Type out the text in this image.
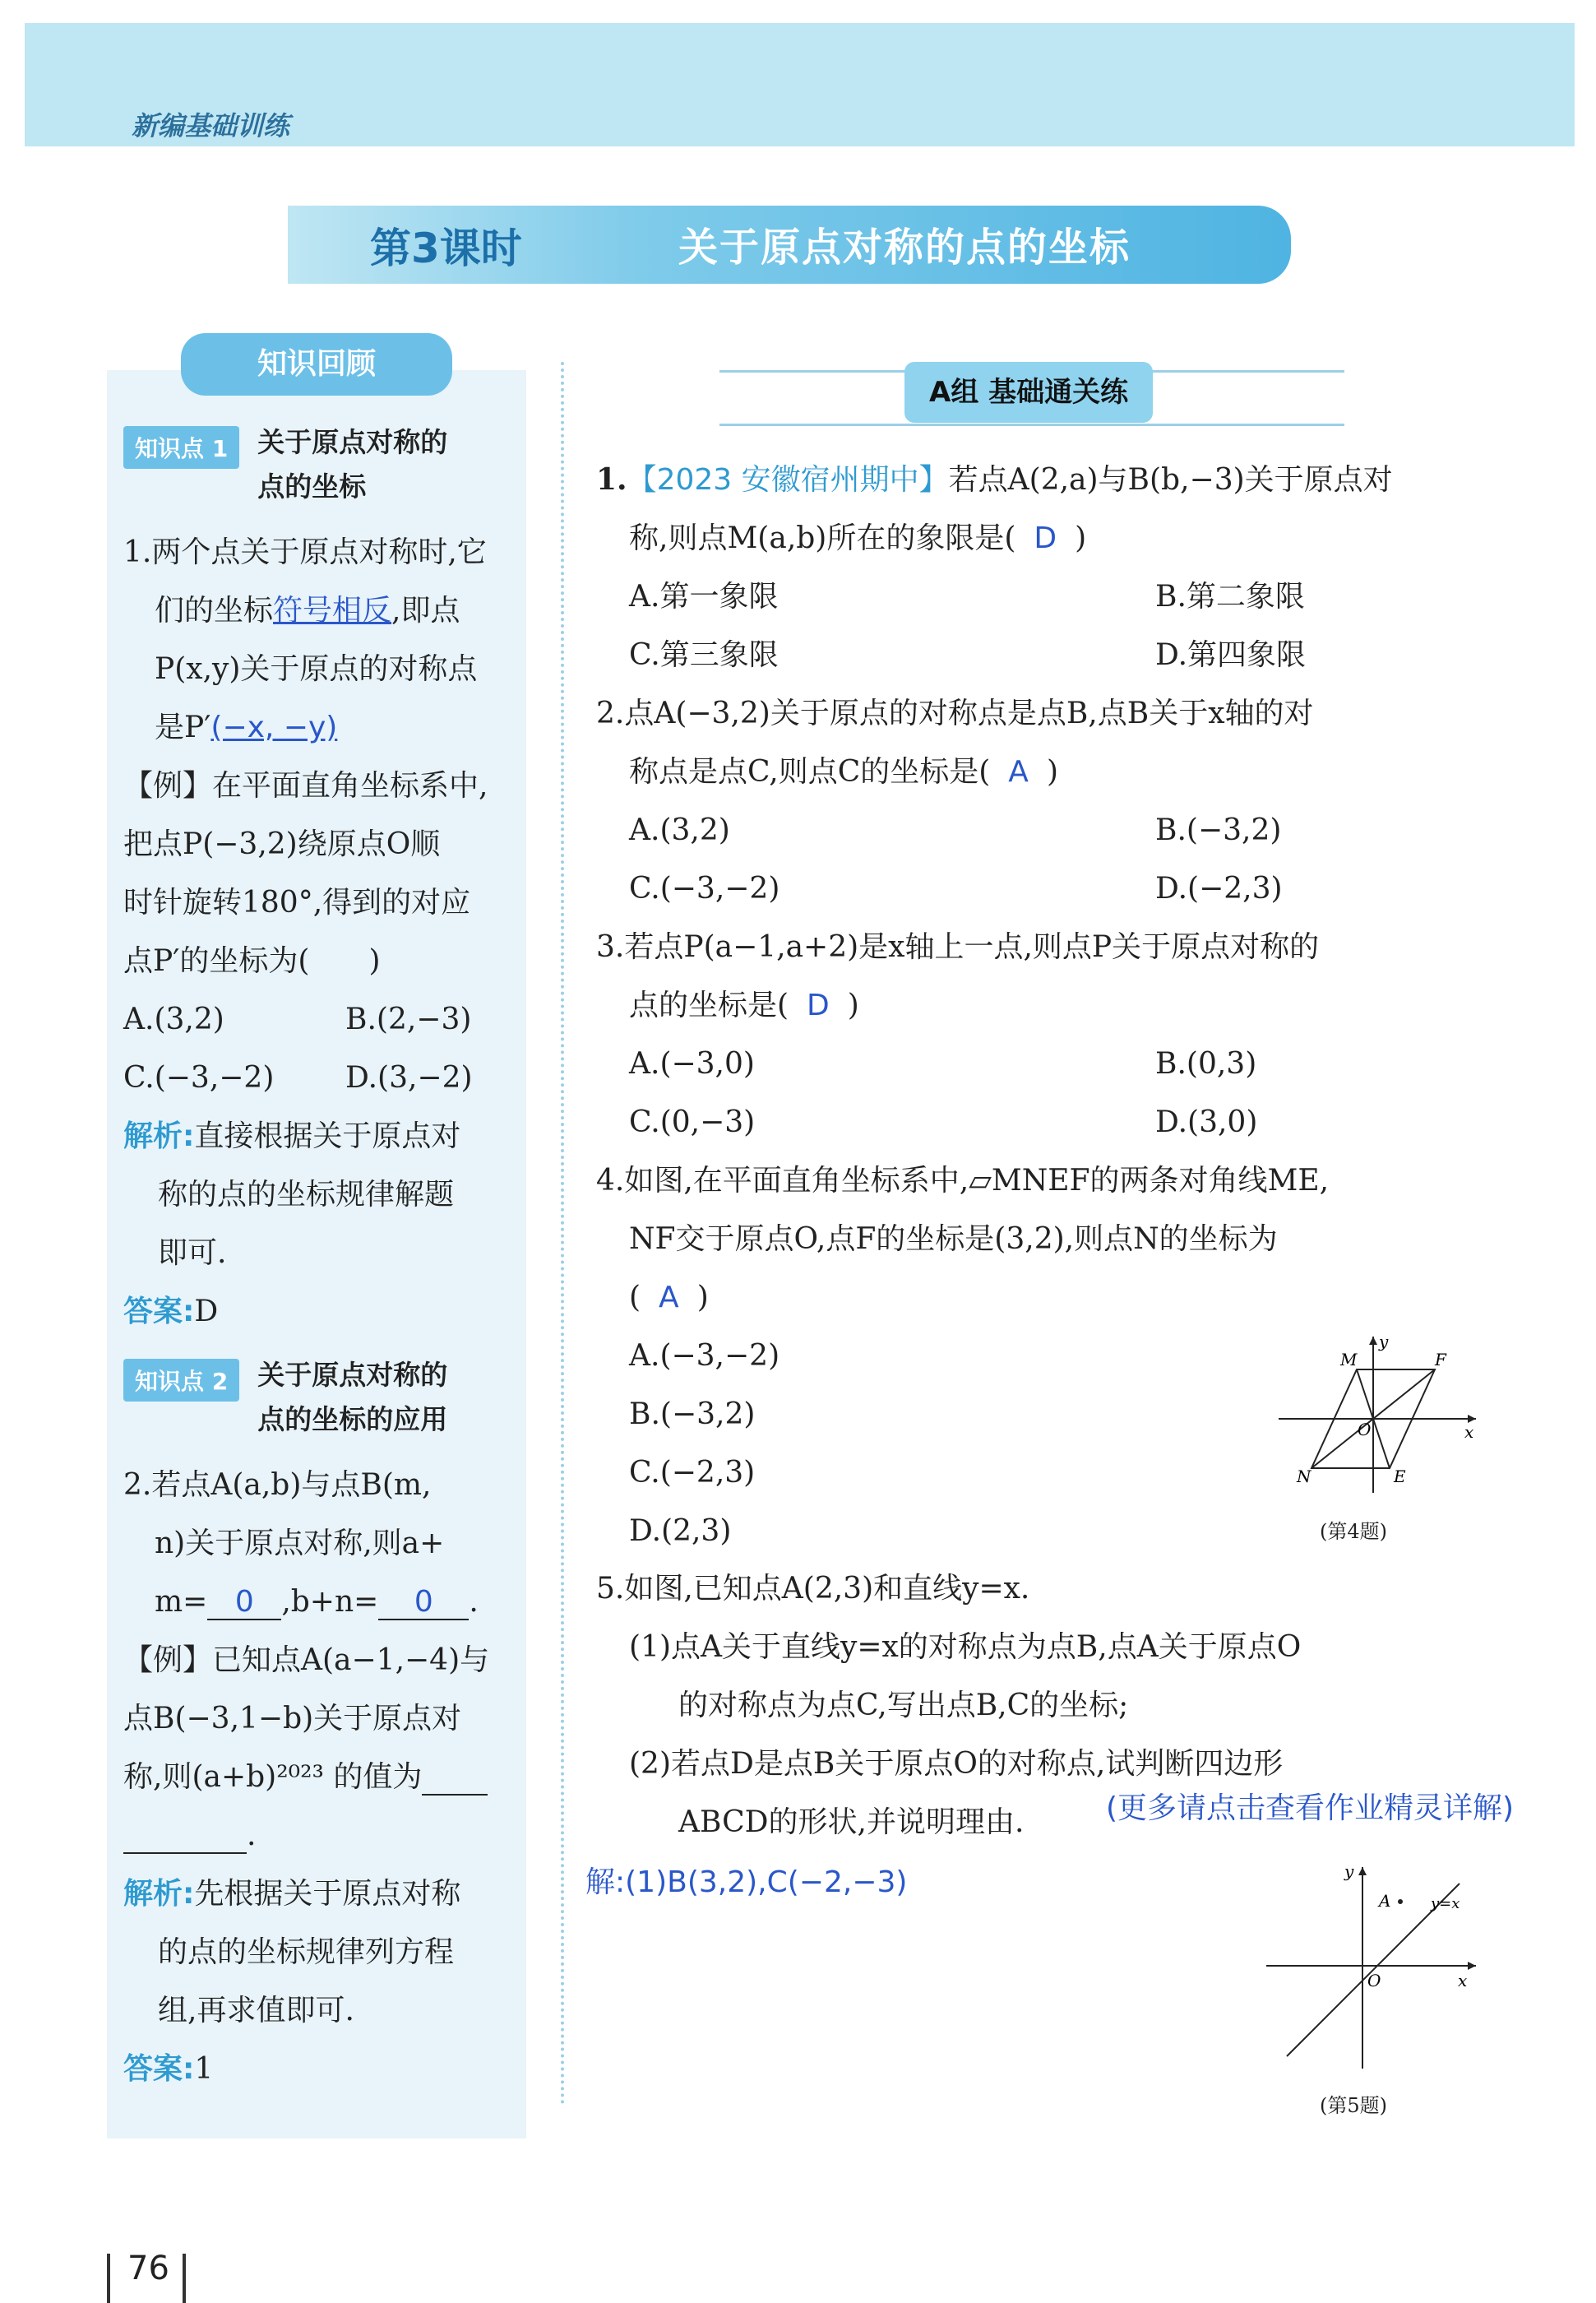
新编基础训练
第3课时	关于原点对称的点的坐标
知识回顾
知识点 1	关于原点对称的
点的坐标
1.两个点关于原点对称时,它
们的坐标符号相反,即点
P(x,y)关于原点的对称点
是P′(−x, −y)
【例】在平面直角坐标系中,
把点P(−3,2)绕原点O顺
时针旋转180°,得到的对应
点P′的坐标为(　　)
A.(3,2)	B.(2,−3)
C.(−3,−2)	D.(3,−2)
解析:直接根据关于原点对
称的点的坐标规律解题
即可.
答案:D
知识点 2	关于原点对称的
点的坐标的应用
2.若点A(a,b)与点B(m,
n)关于原点对称,则a+
m= 0 ,b+n= 0 .
【例】已知点A(a−1,−4)与
点B(−3,1−b)关于原点对
称,则(a+b)²⁰²³ 的值为
.
解析:先根据关于原点对称
的点的坐标规律列方程
组,再求值即可.
答案:1
A组 基础通关练
1.【2023 安徽宿州期中】若点A(2,a)与B(b,−3)关于原点对
称,则点M(a,b)所在的象限是( D )
A.第一象限	B.第二象限
C.第三象限	D.第四象限
2.点A(−3,2)关于原点的对称点是点B,点B关于x轴的对
称点是点C,则点C的坐标是( A )
A.(3,2)	B.(−3,2)
C.(−3,−2)	D.(−2,3)
3.若点P(a−1,a+2)是x轴上一点,则点P关于原点对称的
点的坐标是( D )
A.(−3,0)	B.(0,3)
C.(0,−3)	D.(3,0)
4.如图,在平面直角坐标系中,▱MNEF的两条对角线ME,
NF交于原点O,点F的坐标是(3,2),则点N的坐标为
( A )
A.(−3,−2)
B.(−3,2)
C.(−2,3)
D.(2,3)
M	F
N	E
O	x
y
(第4题)
5.如图,已知点A(2,3)和直线y=x.
(1)点A关于直线y=x的对称点为点B,点A关于原点O
的对称点为点C,写出点B,C的坐标;
(2)若点D是点B关于原点O的对称点,试判断四边形
ABCD的形状,并说明理由.	(更多请点击查看作业精灵详解)
解:(1)B(3,2),C(−2,−3)
A	y=x
O	x
y
(第5题)
76
